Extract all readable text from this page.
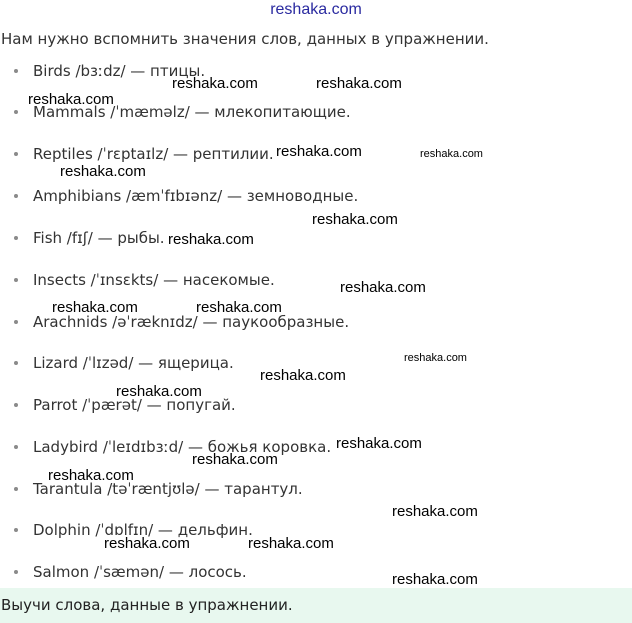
reshaka.com
Нам нужно вспомнить значения слов, данных в упражнении.
Birds /bɜːdz/ — птицы.
Mammals /ˈmæməlz/ — млекопитающие.
Reptiles /ˈrɛptaɪlz/ — рептилии.
Amphibians /æmˈfɪbɪənz/ — земноводные.
Fish /fɪʃ/ — рыбы.
Insects /ˈɪnsɛkts/ — насекомые.
Arachnids /əˈræknɪdz/ — паукообразные.
Lizard /ˈlɪzəd/ — ящерица.
Parrot /ˈpærət/ — попугай.
Ladybird /ˈleɪdɪbɜːd/ — божья коровка.
Tarantula /təˈræntjʊlə/ — тарантул.
Dolphin /ˈdɒlfɪn/ — дельфин.
Salmon /ˈsæmən/ — лосось.
reshaka.com	reshaka.com
reshaka.com
reshaka.com	reshaka.com
reshaka.com
reshaka.com
reshaka.com
reshaka.com
reshaka.com	reshaka.com
reshaka.com
reshaka.com
reshaka.com
reshaka.com
reshaka.com
reshaka.com
reshaka.com
reshaka.com	reshaka.com
reshaka.com
Выучи слова, данные в упражнении.
